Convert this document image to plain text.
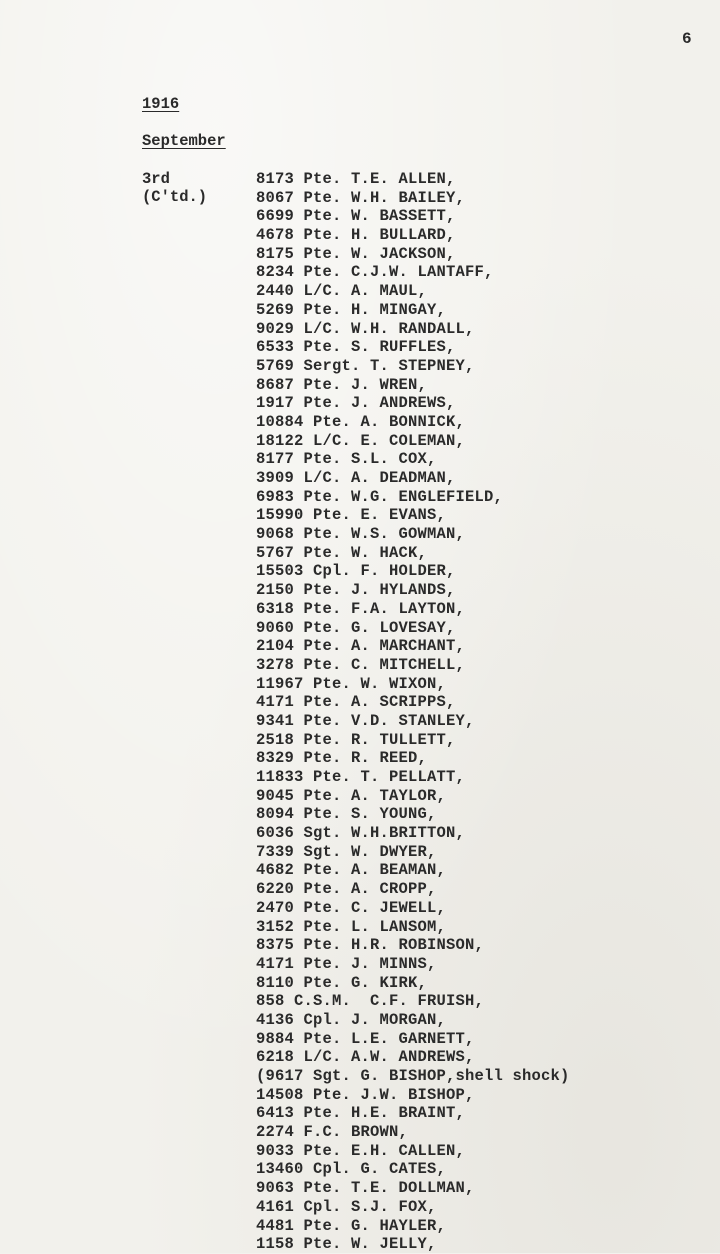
6
1916
September
3rd
(C'td.)
8173 Pte. T.E. ALLEN,
8067 Pte. W.H. BAILEY,
6699 Pte. W. BASSETT,
4678 Pte. H. BULLARD,
8175 Pte. W. JACKSON,
8234 Pte. C.J.W. LANTAFF,
2440 L/C. A. MAUL,
5269 Pte. H. MINGAY,
9029 L/C. W.H. RANDALL,
6533 Pte. S. RUFFLES,
5769 Sergt. T. STEPNEY,
8687 Pte. J. WREN,
1917 Pte. J. ANDREWS,
10884 Pte. A. BONNICK,
18122 L/C. E. COLEMAN,
8177 Pte. S.L. COX,
3909 L/C. A. DEADMAN,
6983 Pte. W.G. ENGLEFIELD,
15990 Pte. E. EVANS,
9068 Pte. W.S. GOWMAN,
5767 Pte. W. HACK,
15503 Cpl. F. HOLDER,
2150 Pte. J. HYLANDS,
6318 Pte. F.A. LAYTON,
9060 Pte. G. LOVESAY,
2104 Pte. A. MARCHANT,
3278 Pte. C. MITCHELL,
11967 Pte. W. WIXON,
4171 Pte. A. SCRIPPS,
9341 Pte. V.D. STANLEY,
2518 Pte. R. TULLETT,
8329 Pte. R. REED,
11833 Pte. T. PELLATT,
9045 Pte. A. TAYLOR,
8094 Pte. S. YOUNG,
6036 Sgt. W.H.BRITTON,
7339 Sgt. W. DWYER,
4682 Pte. A. BEAMAN,
6220 Pte. A. CROPP,
2470 Pte. C. JEWELL,
3152 Pte. L. LANSOM,
8375 Pte. H.R. ROBINSON,
4171 Pte. J. MINNS,
8110 Pte. G. KIRK,
858 C.S.M.  C.F. FRUISH,
4136 Cpl. J. MORGAN,
9884 Pte. L.E. GARNETT,
6218 L/C. A.W. ANDREWS,
(9617 Sgt. G. BISHOP,shell shock)
14508 Pte. J.W. BISHOP,
6413 Pte. H.E. BRAINT,
2274 F.C. BROWN,
9033 Pte. E.H. CALLEN,
13460 Cpl. G. CATES,
9063 Pte. T.E. DOLLMAN,
4161 Cpl. S.J. FOX,
4481 Pte. G. HAYLER,
1158 Pte. W. JELLY,
